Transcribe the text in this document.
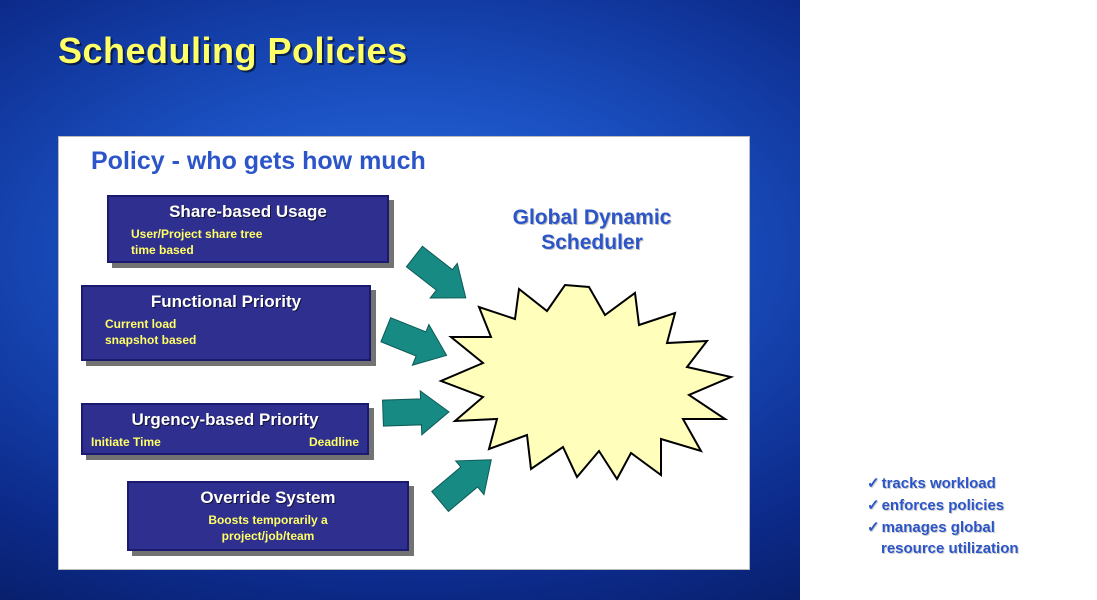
Scheduling Policies
Policy - who gets how much
Share-based Usage
User/Project share tree
time based
Functional Priority
Current load
snapshot based
Urgency-based Priority
Initiate Time	Deadline
Override System
Boosts temporarily a
project/job/team
Global Dynamic
Scheduler
✓ tracks workload
✓ enforces policies
✓ manages global
resource utilization
